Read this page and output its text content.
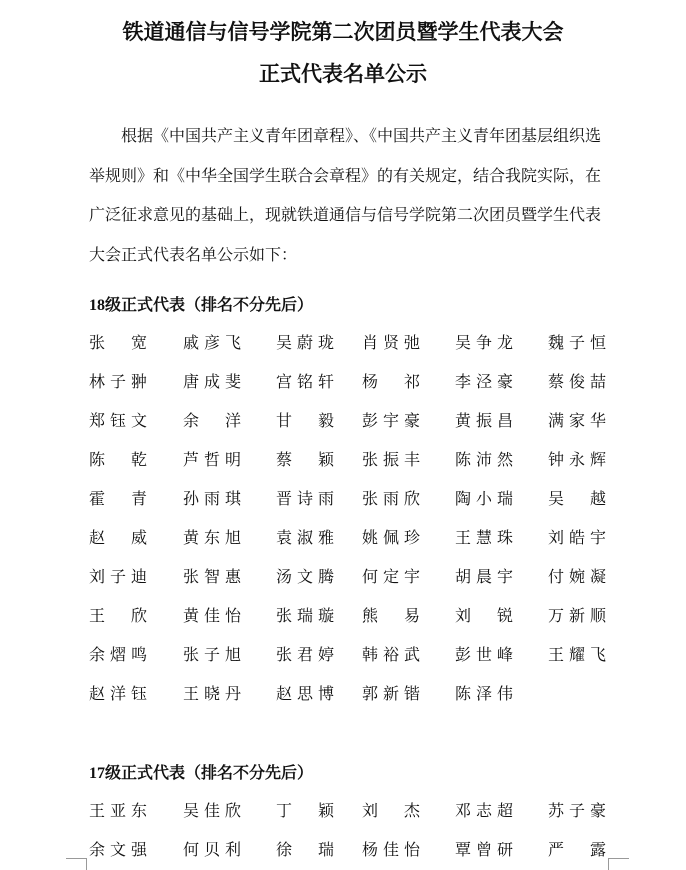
铁道通信与信号学院第二次团员暨学生代表大会
正式代表名单公示
根据《中国共产主义青年团章程》、《中国共产主义青年团基层组织选举规则》和《中华全国学生联合会章程》的有关规定，结合我院实际，在广泛征求意见的基础上，现就铁道通信与信号学院第二次团员暨学生代表大会正式代表名单公示如下：
18级正式代表（排名不分先后）
张宽 戚彦飞 吴蔚珑 肖贤弛 吴争龙 魏子恒
林子翀 唐成斐 宫铭轩 杨祁 李泾豪 蔡俊喆
郑钰文 余洋 甘毅 彭宇豪 黄振昌 满家华
陈乾 芦哲明 蔡颖 张振丰 陈沛然 钟永辉
霍青 孙雨琪 晋诗雨 张雨欣 陶小瑞 吴越
赵威 黄东旭 袁淑雅 姚佩珍 王慧珠 刘皓宇
刘子迪 张智惠 汤文腾 何定宇 胡晨宇 付婉凝
王欣 黄佳怡 张瑞璇 熊易 刘锐 万新顺
余熠鸣 张子旭 张君婷 韩裕武 彭世峰 王耀飞
赵洋钰 王晓丹 赵思博 郭新锴 陈泽伟
17级正式代表（排名不分先后）
王亚东 吴佳欣 丁颖 刘杰 邓志超 苏子豪
余文强 何贝利 徐瑞 杨佳怡 覃曾研 严露
